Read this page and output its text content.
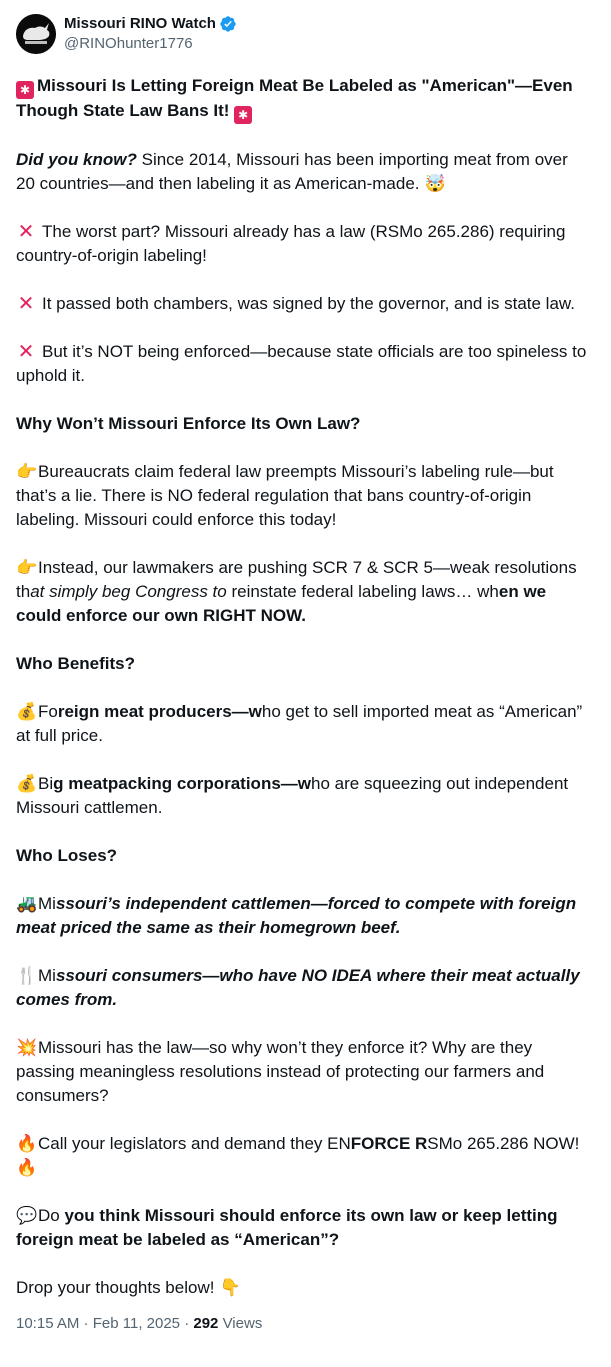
Missouri RINO Watch
@RINOhunter1776

✱ Missouri Is Letting Foreign Meat Be Labeled as "American"—Even Though State Law Bans It! ✱

Did you know? Since 2014, Missouri has been importing meat from over 20 countries—and then labeling it as American-made. 🤯

✕ The worst part? Missouri already has a law (RSMo 265.286) requiring country-of-origin labeling!

✕ It passed both chambers, was signed by the governor, and is state law.

✕ But it’s NOT being enforced—because state officials are too spineless to uphold it.

Why Won’t Missouri Enforce Its Own Law?

👉Bureaucrats claim federal law preempts Missouri’s labeling rule—but that’s a lie. There is NO federal regulation that bans country-of-origin labeling. Missouri could enforce this today!

👉Instead, our lawmakers are pushing SCR 7 & SCR 5—weak resolutions that simply beg Congress to reinstate federal labeling laws… when we could enforce our own RIGHT NOW.

Who Benefits?

💰Foreign meat producers—who get to sell imported meat as “American” at full price.

💰Big meatpacking corporations—who are squeezing out independent Missouri cattlemen.

Who Loses?

🚜Missouri’s independent cattlemen—forced to compete with foreign meat priced the same as their homegrown beef.

🍴Missouri consumers—who have NO IDEA where their meat actually comes from.

💥Missouri has the law—so why won’t they enforce it? Why are they passing meaningless resolutions instead of protecting our farmers and consumers?

🔥Call your legislators and demand they ENFORCE RSMo 265.286 NOW! 🔥

💬Do you think Missouri should enforce its own law or keep letting foreign meat be labeled as “American”?

Drop your thoughts below! 👇

10:15 AM · Feb 11, 2025 · 292 Views
